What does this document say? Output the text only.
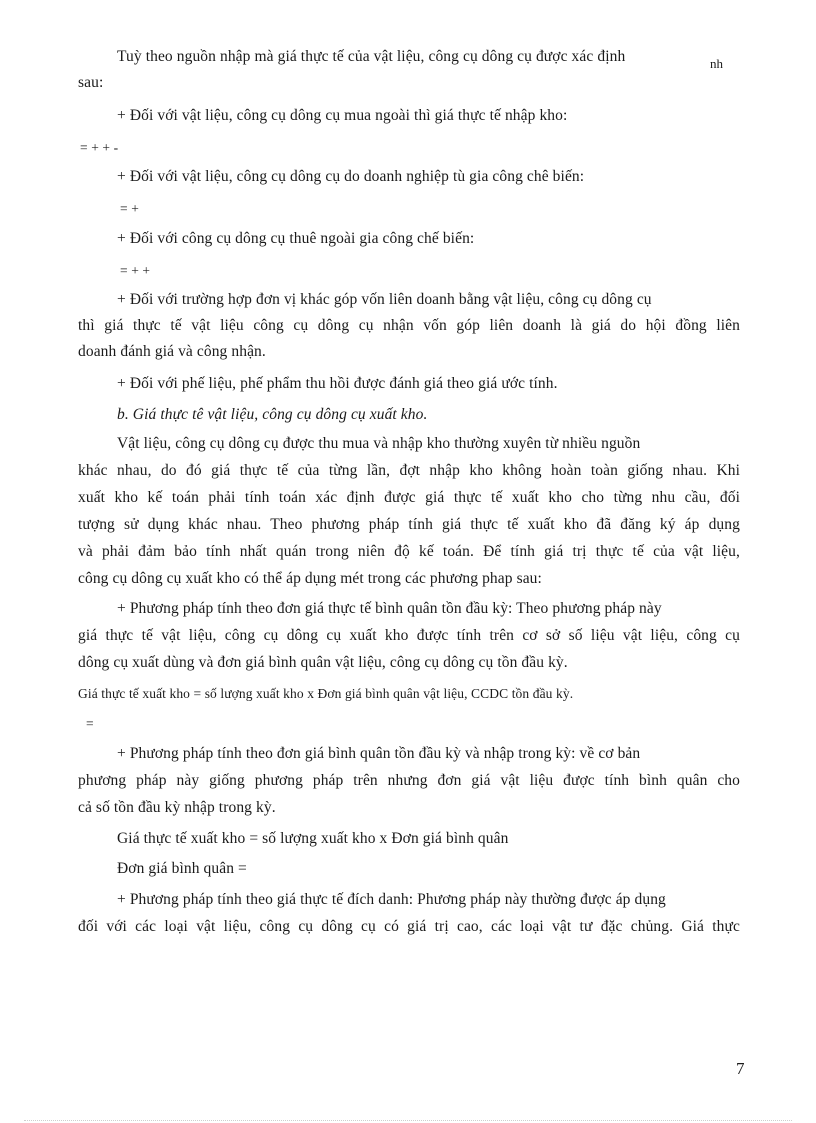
Tuỳ theo nguồn nhập mà giá thực tế của vật liệu, công cụ dông cụ được xác định	nh
sau:
+ Đối với vật liệu, công cụ dông cụ mua ngoài thì giá thực tế nhập kho:
= + + -
+ Đối với vật liệu, công cụ dông cụ do doanh nghiệp tù gia công chê biến:
= +
+ Đối với công cụ dông cụ thuê ngoài gia công chế biến:
= + +
+ Đối với trường hợp đơn vị khác góp vốn liên doanh bằng vật liệu, công cụ dông cụ
thì giá thực tế vật liệu công cụ dông cụ nhận vốn góp liên doanh là giá do hội đồng liên
doanh đánh giá và công nhận.
+ Đối với phế liệu, phế phẩm thu hồi được đánh giá theo giá ước tính.
b. Giá thực tê vật liệu, công cụ dông cụ xuất kho.
Vật liệu, công cụ dông cụ được thu mua và nhập kho thường xuyên từ nhiều nguồn
khác nhau, do đó giá thực tế của từng lần, đợt nhập kho không hoàn toàn giống nhau. Khi
xuất kho kế toán phải tính toán xác định được giá thực tế xuất kho cho từng nhu cầu, đối
tượng sử dụng khác nhau. Theo phương pháp tính giá thực tế xuất kho đã đăng ký áp dụng
và phải đảm bảo tính nhất quán trong niên độ kế toán. Để tính giá trị thực tế của vật liệu,
công cụ dông cụ xuất kho có thể áp dụng mét trong các phương phap sau:
+ Phương pháp tính theo đơn giá thực tế bình quân tồn đầu kỳ: Theo phương pháp này
giá thực tế vật liệu, công cụ dông cụ xuất kho được tính trên cơ sở số liệu vật liệu, công cụ
dông cụ xuất dùng và đơn giá bình quân vật liệu, công cụ dông cụ tồn đầu kỳ.
Giá thực tế xuất kho = số lượng xuất kho x Đơn giá bình quân vật liệu, CCDC tồn đầu kỳ.
=
+ Phương pháp tính theo đơn giá bình quân tồn đầu kỳ và nhập trong kỳ: về cơ bản
phương pháp này giống phương pháp trên nhưng đơn giá vật liệu được tính bình quân cho
cả số tồn đầu kỳ nhập trong kỳ.
Giá thực tế xuất kho = số lượng xuất kho x Đơn giá bình quân
Đơn giá bình quân =
+ Phương pháp tính theo giá thực tế đích danh: Phương pháp này thường được áp dụng
đối với các loại vật liệu, công cụ dông cụ có giá trị cao, các loại vật tư đặc chủng. Giá thực
7
